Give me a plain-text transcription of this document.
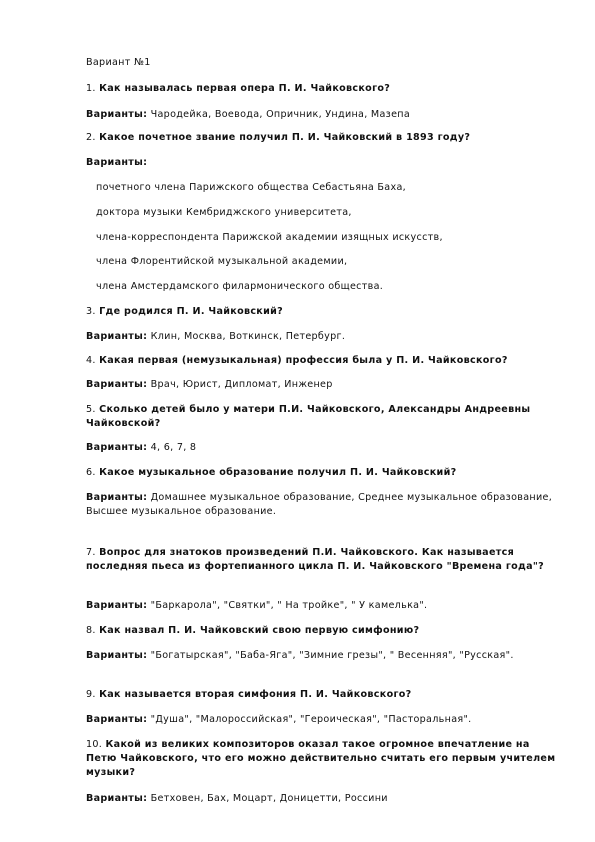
Вариант №1
1. Как называлась первая опера П. И. Чайковского?
Варианты: Чародейка, Воевода, Опричник, Ундина, Мазепа
2. Какое почетное звание получил П. И. Чайковский в 1893 году?
Варианты:
почетного члена Парижского общества Себастьяна Баха,
доктора музыки Кембриджского университета,
члена-корреспондента Парижской академии изящных искусств,
члена Флорентийской музыкальной академии,
члена Амстердамского филармонического общества.
3. Где родился П. И. Чайковский?
Варианты: Клин, Москва, Воткинск, Петербург.
4. Какая первая (немузыкальная) профессия была у П. И. Чайковского?
Варианты: Врач, Юрист, Дипломат, Инженер
5. Сколько детей было у матери П.И. Чайковского, Александры Андреевны Чайковской?
Варианты: 4, 6, 7, 8
6. Какое музыкальное образование получил П. И. Чайковский?
Варианты: Домашнее музыкальное образование, Среднее музыкальное образование,
Высшее музыкальное образование.
7. Вопрос для знатоков произведений П.И. Чайковского. Как называется последняя пьеса из фортепианного цикла П. И. Чайковского "Времена года"?
Варианты: "Баркарола", "Святки", " На тройке", " У камелька".
8. Как назвал П. И. Чайковский свою первую симфонию?
Варианты: "Богатырская", "Баба-Яга", "Зимние грезы", " Весенняя", "Русская".
9. Как называется вторая симфония П. И. Чайковского?
Варианты: "Душа", "Малороссийская", "Героическая", "Пасторальная".
10. Какой из великих композиторов оказал такое огромное впечатление на Петю Чайковского, что его можно действительно считать его первым учителем музыки?
Варианты: Бетховен, Бах, Моцарт, Доницетти, Россини
